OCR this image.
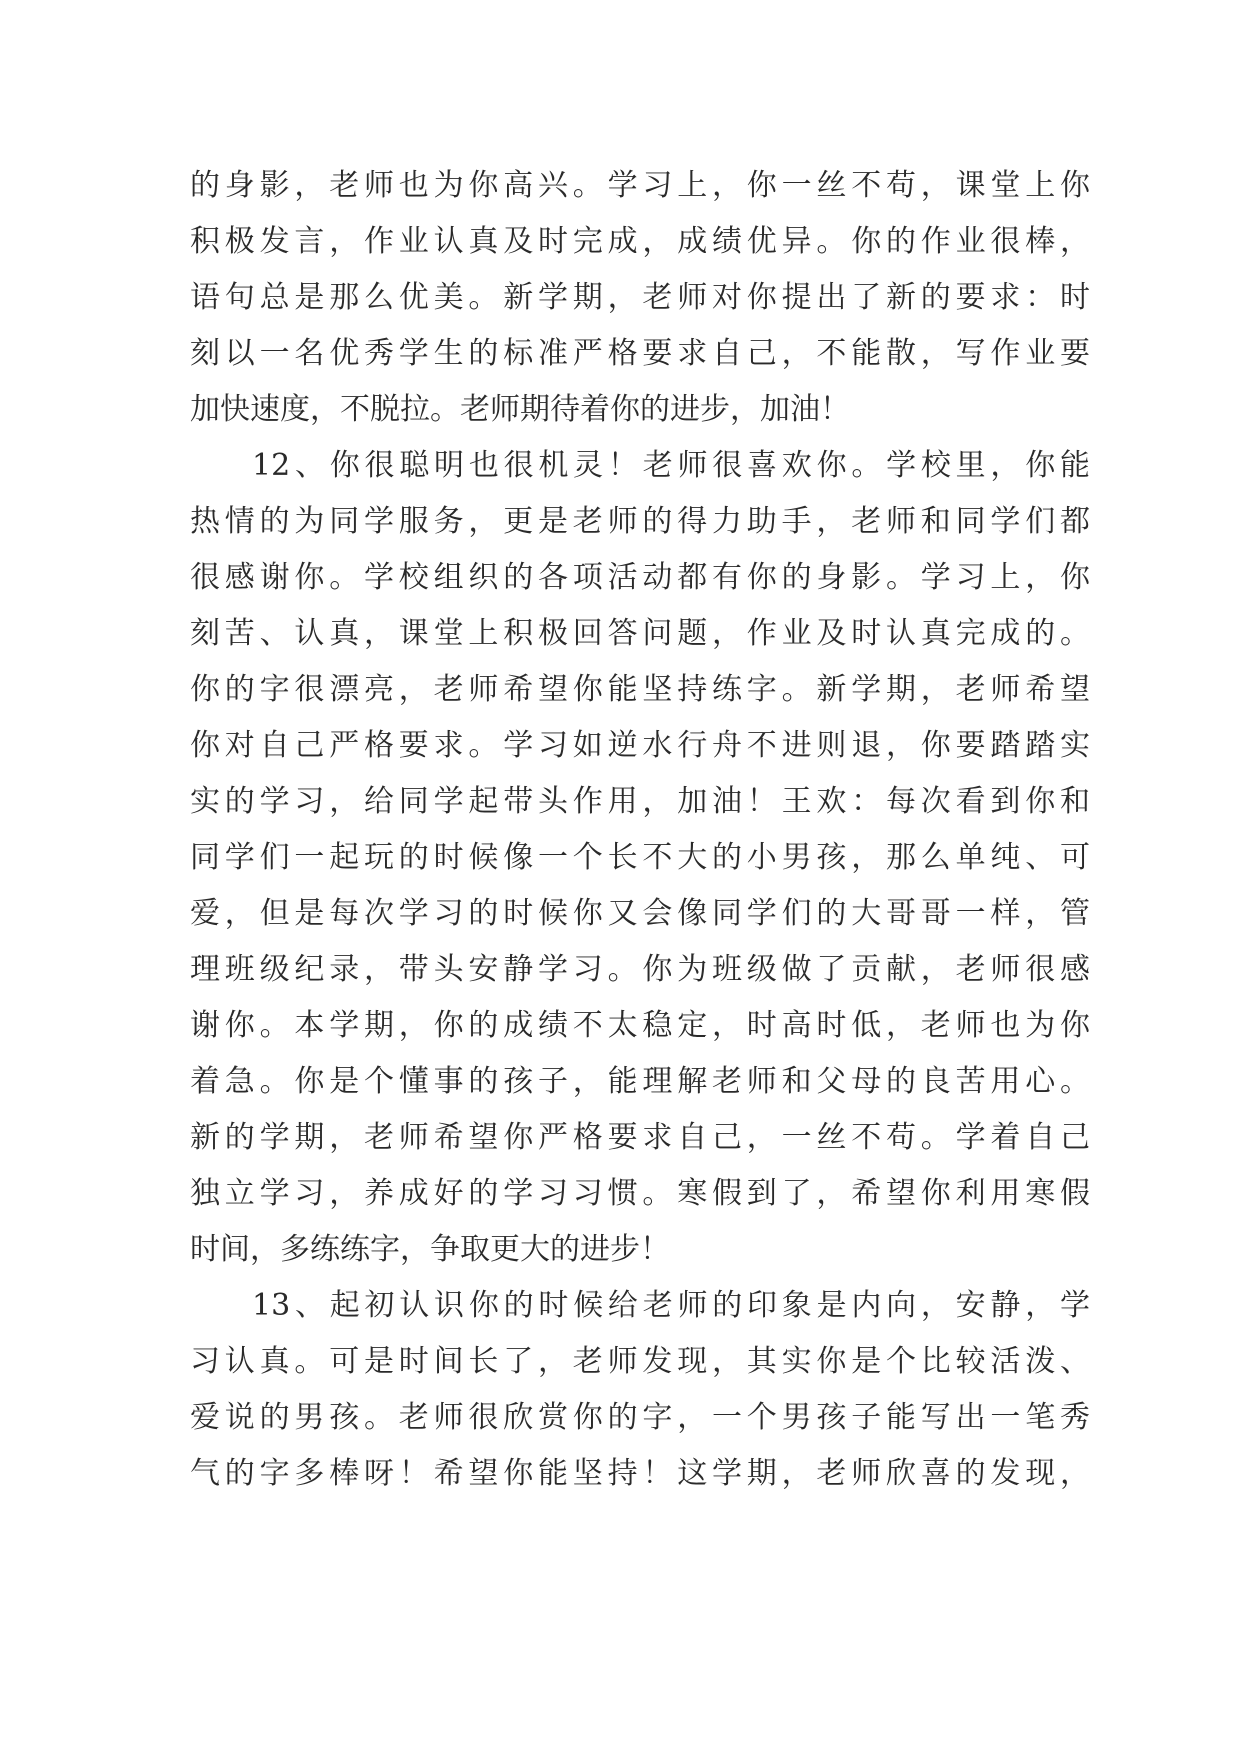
的身影，老师也为你高兴。学习上，你一丝不苟，课堂上你
积极发言，作业认真及时完成，成绩优异。你的作业很棒，
语句总是那么优美。新学期，老师对你提出了新的要求：时
刻以一名优秀学生的标准严格要求自己，不能散，写作业要
加快速度，不脱拉。老师期待着你的进步，加油！
12、你很聪明也很机灵！老师很喜欢你。学校里，你能
热情的为同学服务，更是老师的得力助手，老师和同学们都
很感谢你。学校组织的各项活动都有你的身影。学习上，你
刻苦、认真，课堂上积极回答问题，作业及时认真完成的。
你的字很漂亮，老师希望你能坚持练字。新学期，老师希望
你对自己严格要求。学习如逆水行舟不进则退，你要踏踏实
实的学习，给同学起带头作用，加油！王欢：每次看到你和
同学们一起玩的时候像一个长不大的小男孩，那么单纯、可
爱，但是每次学习的时候你又会像同学们的大哥哥一样，管
理班级纪录，带头安静学习。你为班级做了贡献，老师很感
谢你。本学期，你的成绩不太稳定，时高时低，老师也为你
着急。你是个懂事的孩子，能理解老师和父母的良苦用心。
新的学期，老师希望你严格要求自己，一丝不苟。学着自己
独立学习，养成好的学习习惯。寒假到了，希望你利用寒假
时间，多练练字，争取更大的进步！
13、起初认识你的时候给老师的印象是内向，安静，学
习认真。可是时间长了，老师发现，其实你是个比较活泼、
爱说的男孩。老师很欣赏你的字，一个男孩子能写出一笔秀
气的字多棒呀！希望你能坚持！这学期，老师欣喜的发现，
